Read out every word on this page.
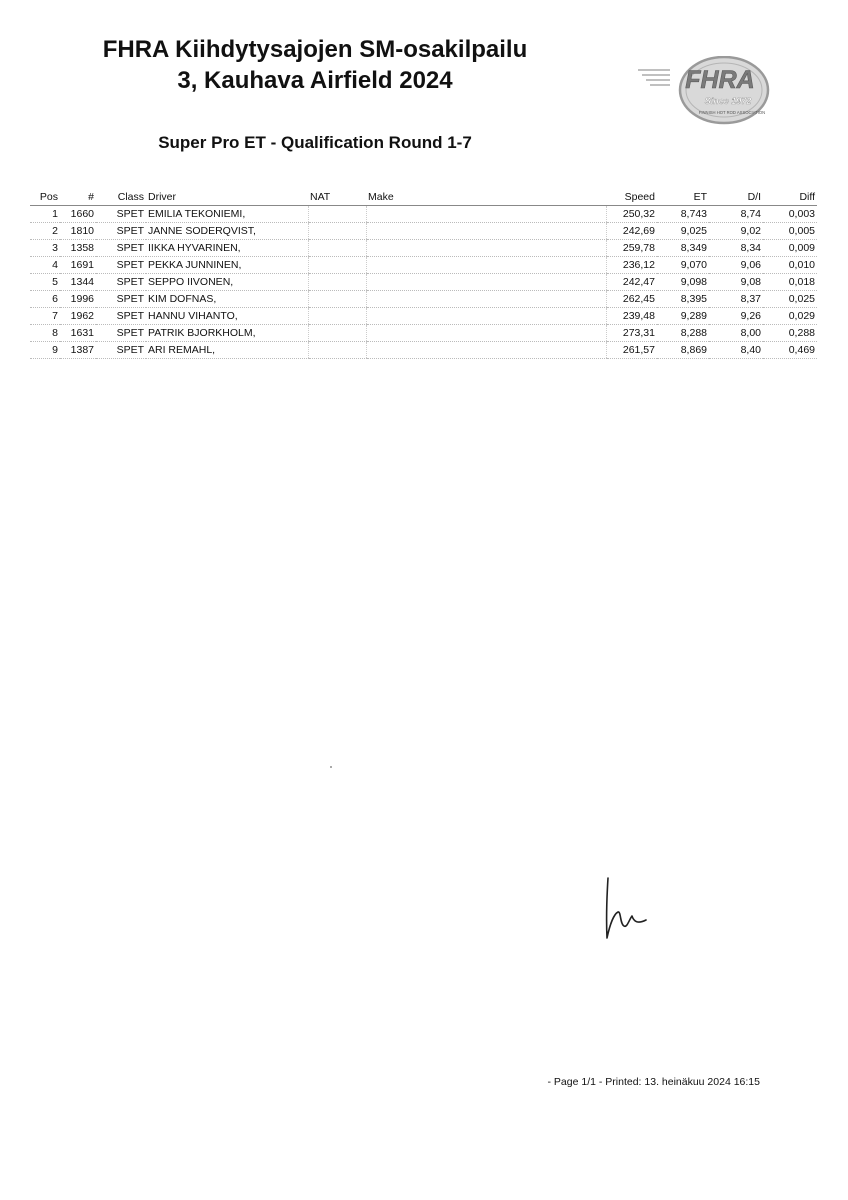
FHRA Kiihdytysajojen SM-osakilpailu
3, Kauhava Airfield 2024	FHRA
Since 1972
FINNISH HOT ROD ASSOCIATION
Super Pro ET - Qualification Round 1-7
Pos	#	Class	Driver	NAT	Make	Speed	ET	D/I	Diff
1	1660	SPET	EMILIA TEKONIEMI,			250,32	8,743	8,74	0,003
2	1810	SPET	JANNE SODERQVIST,			242,69	9,025	9,02	0,005
3	1358	SPET	IIKKA HYVARINEN,			259,78	8,349	8,34	0,009
4	1691	SPET	PEKKA JUNNINEN,			236,12	9,070	9,06	0,010
5	1344	SPET	SEPPO IIVONEN,			242,47	9,098	9,08	0,018
6	1996	SPET	KIM DOFNAS,			262,45	8,395	8,37	0,025
7	1962	SPET	HANNU VIHANTO,			239,48	9,289	9,26	0,029
8	1631	SPET	PATRIK BJORKHOLM,			273,31	8,288	8,00	0,288
9	1387	SPET	ARI REMAHL,			261,57	8,869	8,40	0,469
- Page 1/1 - Printed: 13. heinäkuu 2024 16:15
